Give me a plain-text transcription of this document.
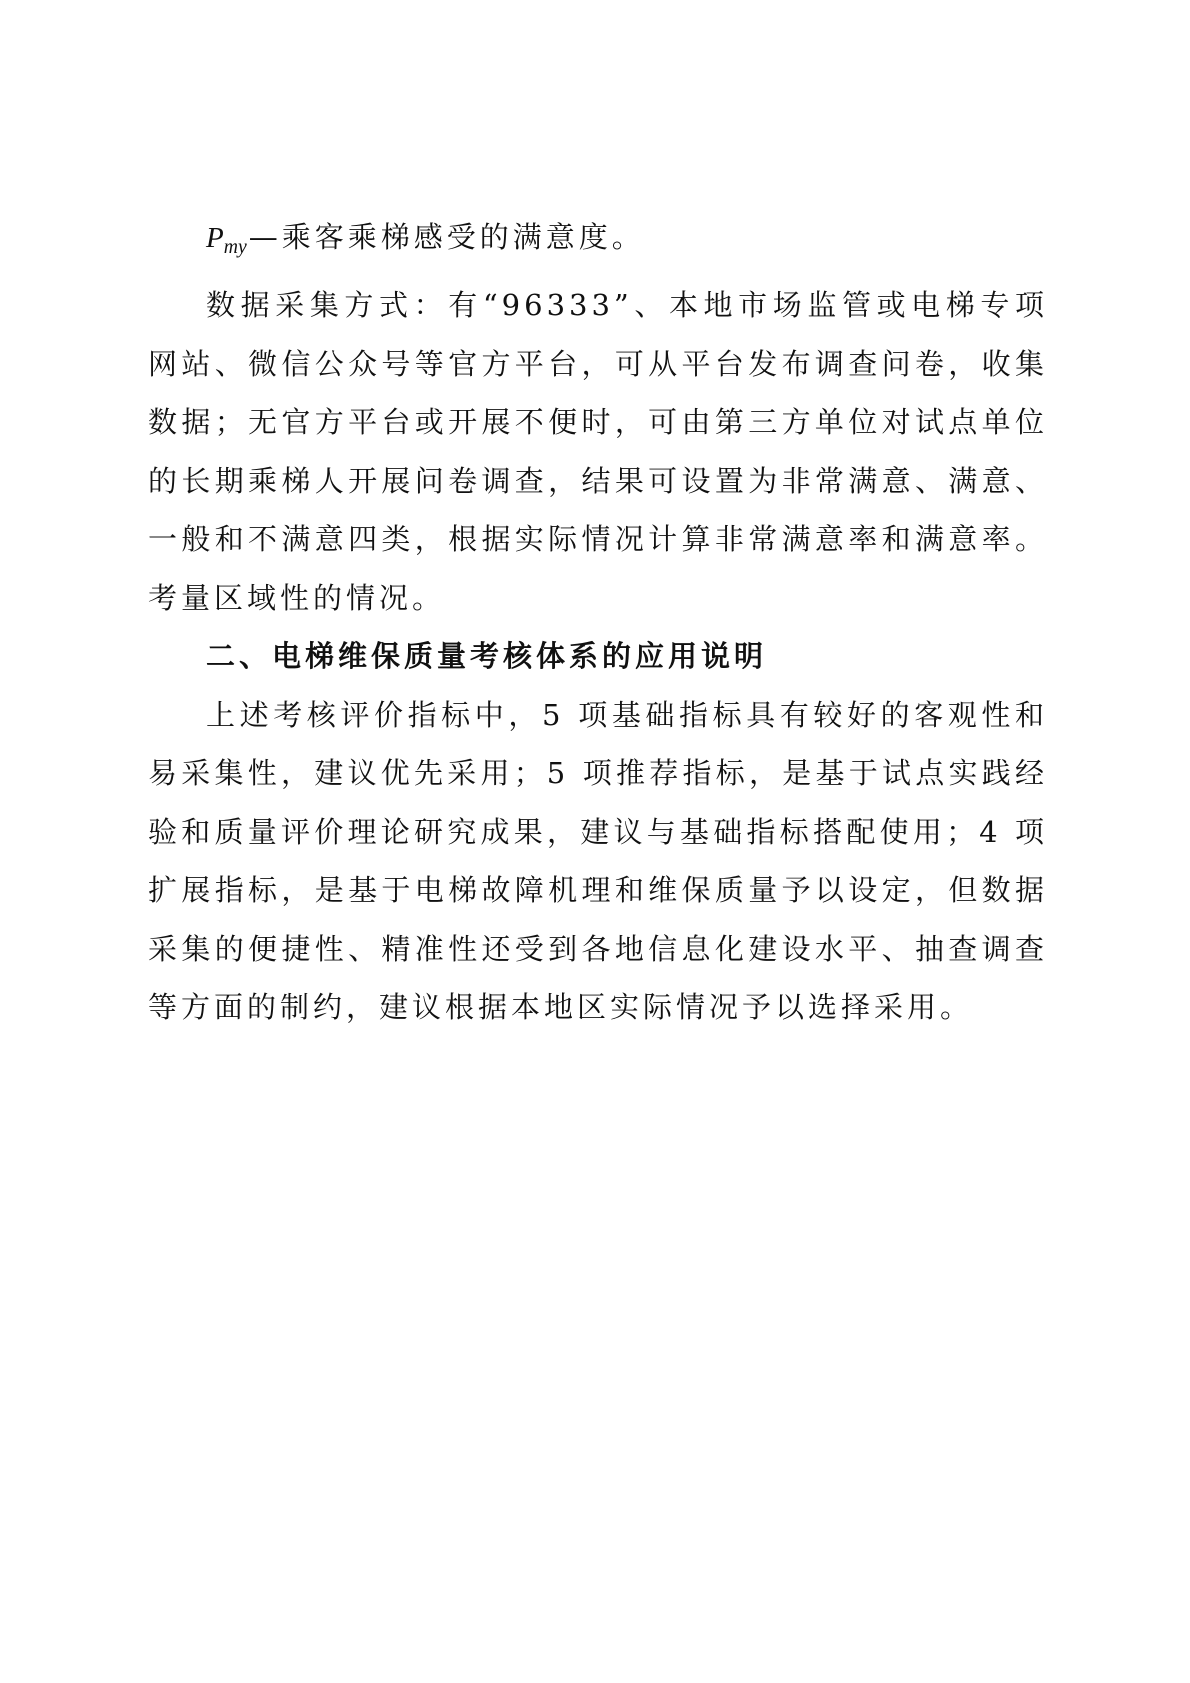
Pmy—乘客乘梯感受的满意度。

数据采集方式：有“96333”、本地市场监管或电梯专项网站、微信公众号等官方平台，可从平台发布调查问卷，收集数据；无官方平台或开展不便时，可由第三方单位对试点单位的长期乘梯人开展问卷调查，结果可设置为非常满意、满意、一般和不满意四类，根据实际情况计算非常满意率和满意率。考量区域性的情况。

二、电梯维保质量考核体系的应用说明

上述考核评价指标中，5 项基础指标具有较好的客观性和易采集性，建议优先采用；5 项推荐指标，是基于试点实践经验和质量评价理论研究成果，建议与基础指标搭配使用；4 项扩展指标，是基于电梯故障机理和维保质量予以设定，但数据采集的便捷性、精准性还受到各地信息化建设水平、抽查调查等方面的制约，建议根据本地区实际情况予以选择采用。
